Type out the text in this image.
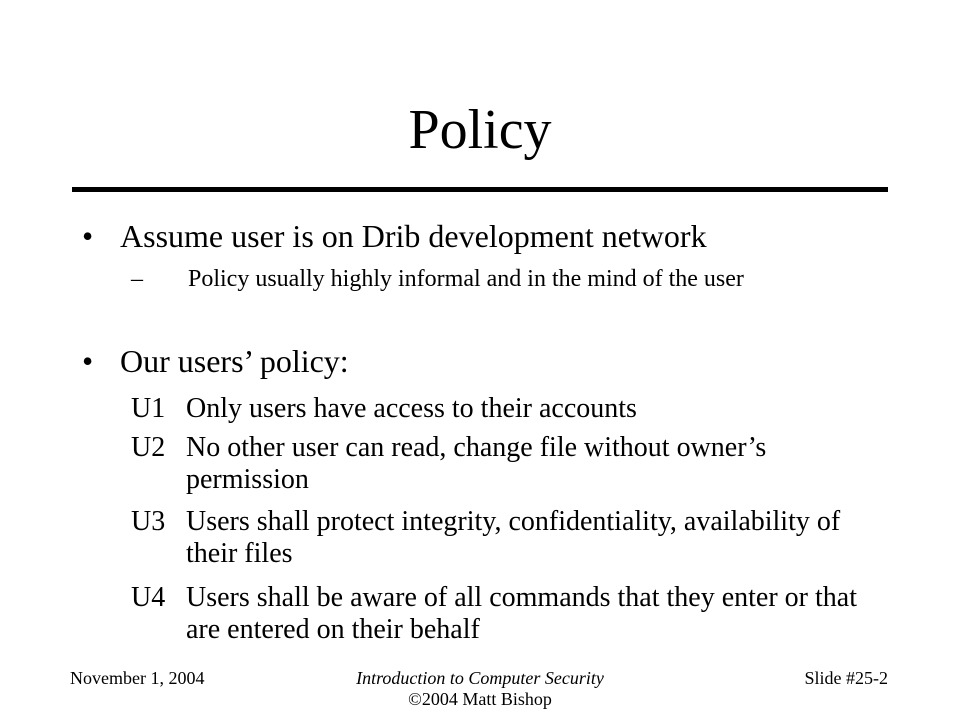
Policy
• Assume user is on Drib development network
– Policy usually highly informal and in the mind of the user
• Our users’ policy:
U1 Only users have access to their accounts
U2 No other user can read, change file without owner’s permission
U3 Users shall protect integrity, confidentiality, availability of their files
U4 Users shall be aware of all commands that they enter or that are entered on their behalf
November 1, 2004	Introduction to Computer Security	Slide #25-2
©2004 Matt Bishop
